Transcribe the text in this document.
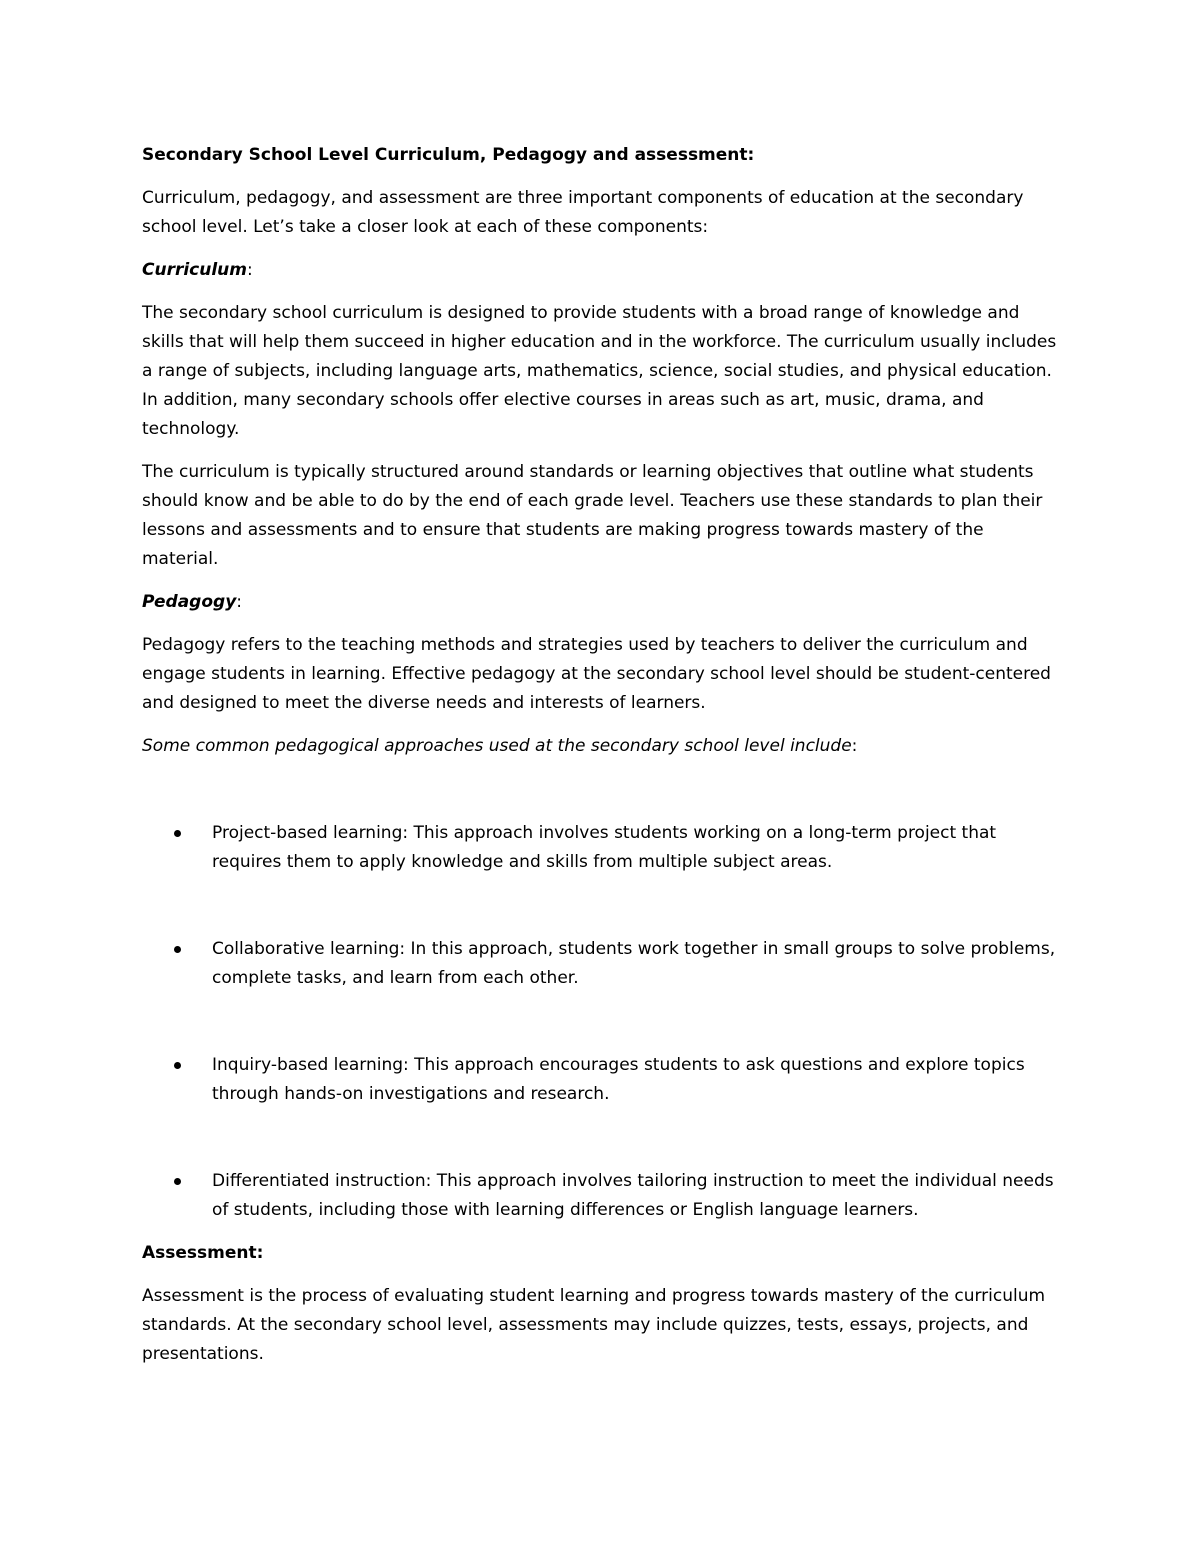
Secondary School Level Curriculum, Pedagogy and assessment:

Curriculum, pedagogy, and assessment are three important components of education at the secondary school level. Let’s take a closer look at each of these components:

Curriculum:

The secondary school curriculum is designed to provide students with a broad range of knowledge and skills that will help them succeed in higher education and in the workforce. The curriculum usually includes a range of subjects, including language arts, mathematics, science, social studies, and physical education. In addition, many secondary schools offer elective courses in areas such as art, music, drama, and technology.

The curriculum is typically structured around standards or learning objectives that outline what students should know and be able to do by the end of each grade level. Teachers use these standards to plan their lessons and assessments and to ensure that students are making progress towards mastery of the material.

Pedagogy:

Pedagogy refers to the teaching methods and strategies used by teachers to deliver the curriculum and engage students in learning. Effective pedagogy at the secondary school level should be student-centered and designed to meet the diverse needs and interests of learners.

Some common pedagogical approaches used at the secondary school level include:

Project-based learning: This approach involves students working on a long-term project that requires them to apply knowledge and skills from multiple subject areas.
Collaborative learning: In this approach, students work together in small groups to solve problems, complete tasks, and learn from each other.
Inquiry-based learning: This approach encourages students to ask questions and explore topics through hands-on investigations and research.
Differentiated instruction: This approach involves tailoring instruction to meet the individual needs of students, including those with learning differences or English language learners.

Assessment:

Assessment is the process of evaluating student learning and progress towards mastery of the curriculum standards. At the secondary school level, assessments may include quizzes, tests, essays, projects, and presentations.
